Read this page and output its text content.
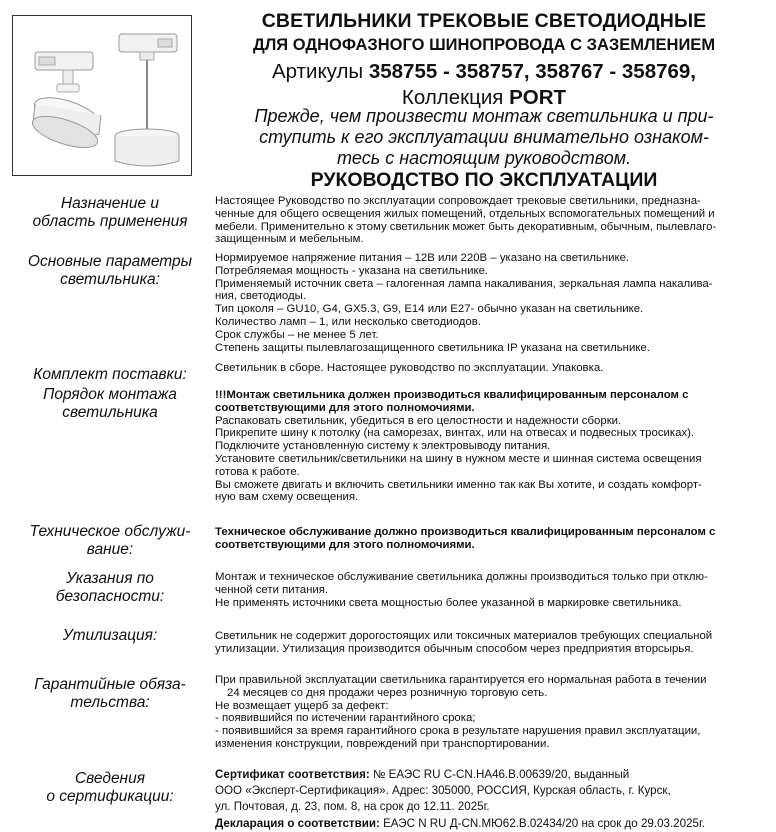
СВЕТИЛЬНИКИ ТРЕКОВЫЕ СВЕТОДИОДНЫЕ
ДЛЯ ОДНОФАЗНОГО ШИНОПРОВОДА С ЗАЗЕМЛЕНИЕМ
Артикулы 358755 - 358757, 358767 - 358769,
Коллекция PORT
Прежде, чем произвести монтаж светильника и при-
ступить к его эксплуатации внимательно ознаком-
тесь с настоящим руководством.
РУКОВОДСТВО ПО ЭКСПЛУАТАЦИИ
Назначение и
область применения
Настоящее Руководство по эксплуатации сопровождает трековые светильники, предназна-
ченные для общего освещения жилых помещений, отдельных вспомогательных помещений и
мебели. Применительно к этому светильник может быть декоративным, обычным, пылевлаго-
защищенным и мебельным.
Основные параметры
светильника:
Нормируемое напряжение питания – 12В или 220В – указано на светильнике.
Потребляемая мощность - указана на светильнике.
Применяемый источник света – галогенная лампа накаливания, зеркальная лампа накалива-
ния, светодиоды.
Тип цоколя – GU10, G4, GX5.3, G9, E14 или E27- обычно указан на светильнике.
Количество ламп – 1, или несколько светодиодов.
Срок службы – не менее 5 лет.
Степень защиты пылевлагозащищенного светильника IP указана на светильнике.
Комплект поставки:	Светильник в сборе. Настоящее руководство по эксплуатации. Упаковка.
Порядок монтажа
светильника
!!!Монтаж светильника должен производиться квалифицированным персоналом с
соответствующими для этого полномочиями.
Распаковать светильник, убедиться в его целостности и надежности сборки.
Прикрепите шину к потолку (на саморезах, винтах, или на отвесах и подвесных тросиках).
Подключите установленную систему к электровыводу питания.
Установите светильник/светильники на шину в нужном месте и шинная система освещения
готова к работе.
Вы сможете двигать и включить светильники именно так как Вы хотите, и создать комфорт-
ную вам схему освещения.
Техническое обслужи-
вание:
Техническое обслуживание должно производиться квалифицированным персоналом с
соответствующими для этого полномочиями.
Указания по
безопасности:
Монтаж и техническое обслуживание светильника должны производиться только при отклю-
ченной сети питания.
Не применять источники света мощностью более указанной в маркировке светильника.
Утилизация:	Светильник не содержит дорогостоящих или токсичных материалов требующих специальной
утилизации. Утилизация производится обычным способом через предприятия вторсырья.
Гарантийные обяза-
тельства:
При правильной эксплуатации светильника гарантируется его нормальная работа в течении
24 месяцев со дня продажи через розничную торговую сеть.
Не возмещает ущерб за дефект:
- появившийся по истечении гарантийного срока;
- появившийся за время гарантийного срока в результате нарушения правил эксплуатации,
изменения конструкции, повреждений при транспортировании.
Сведения
о сертификации:
Сертификат соответствия: № ЕАЭС RU C-CN.НА46.В.00639/20, выданный
ООО «Эксперт-Сертификация». Адрес: 305000, РОССИЯ, Курская область, г. Курск,
ул. Почтовая, д. 23, пом. 8, на срок до 12.11. 2025г.
Декларация о соответствии: ЕАЭС N RU Д-CN.МЮ62.В.02434/20 на срок до 29.03.2025г.
